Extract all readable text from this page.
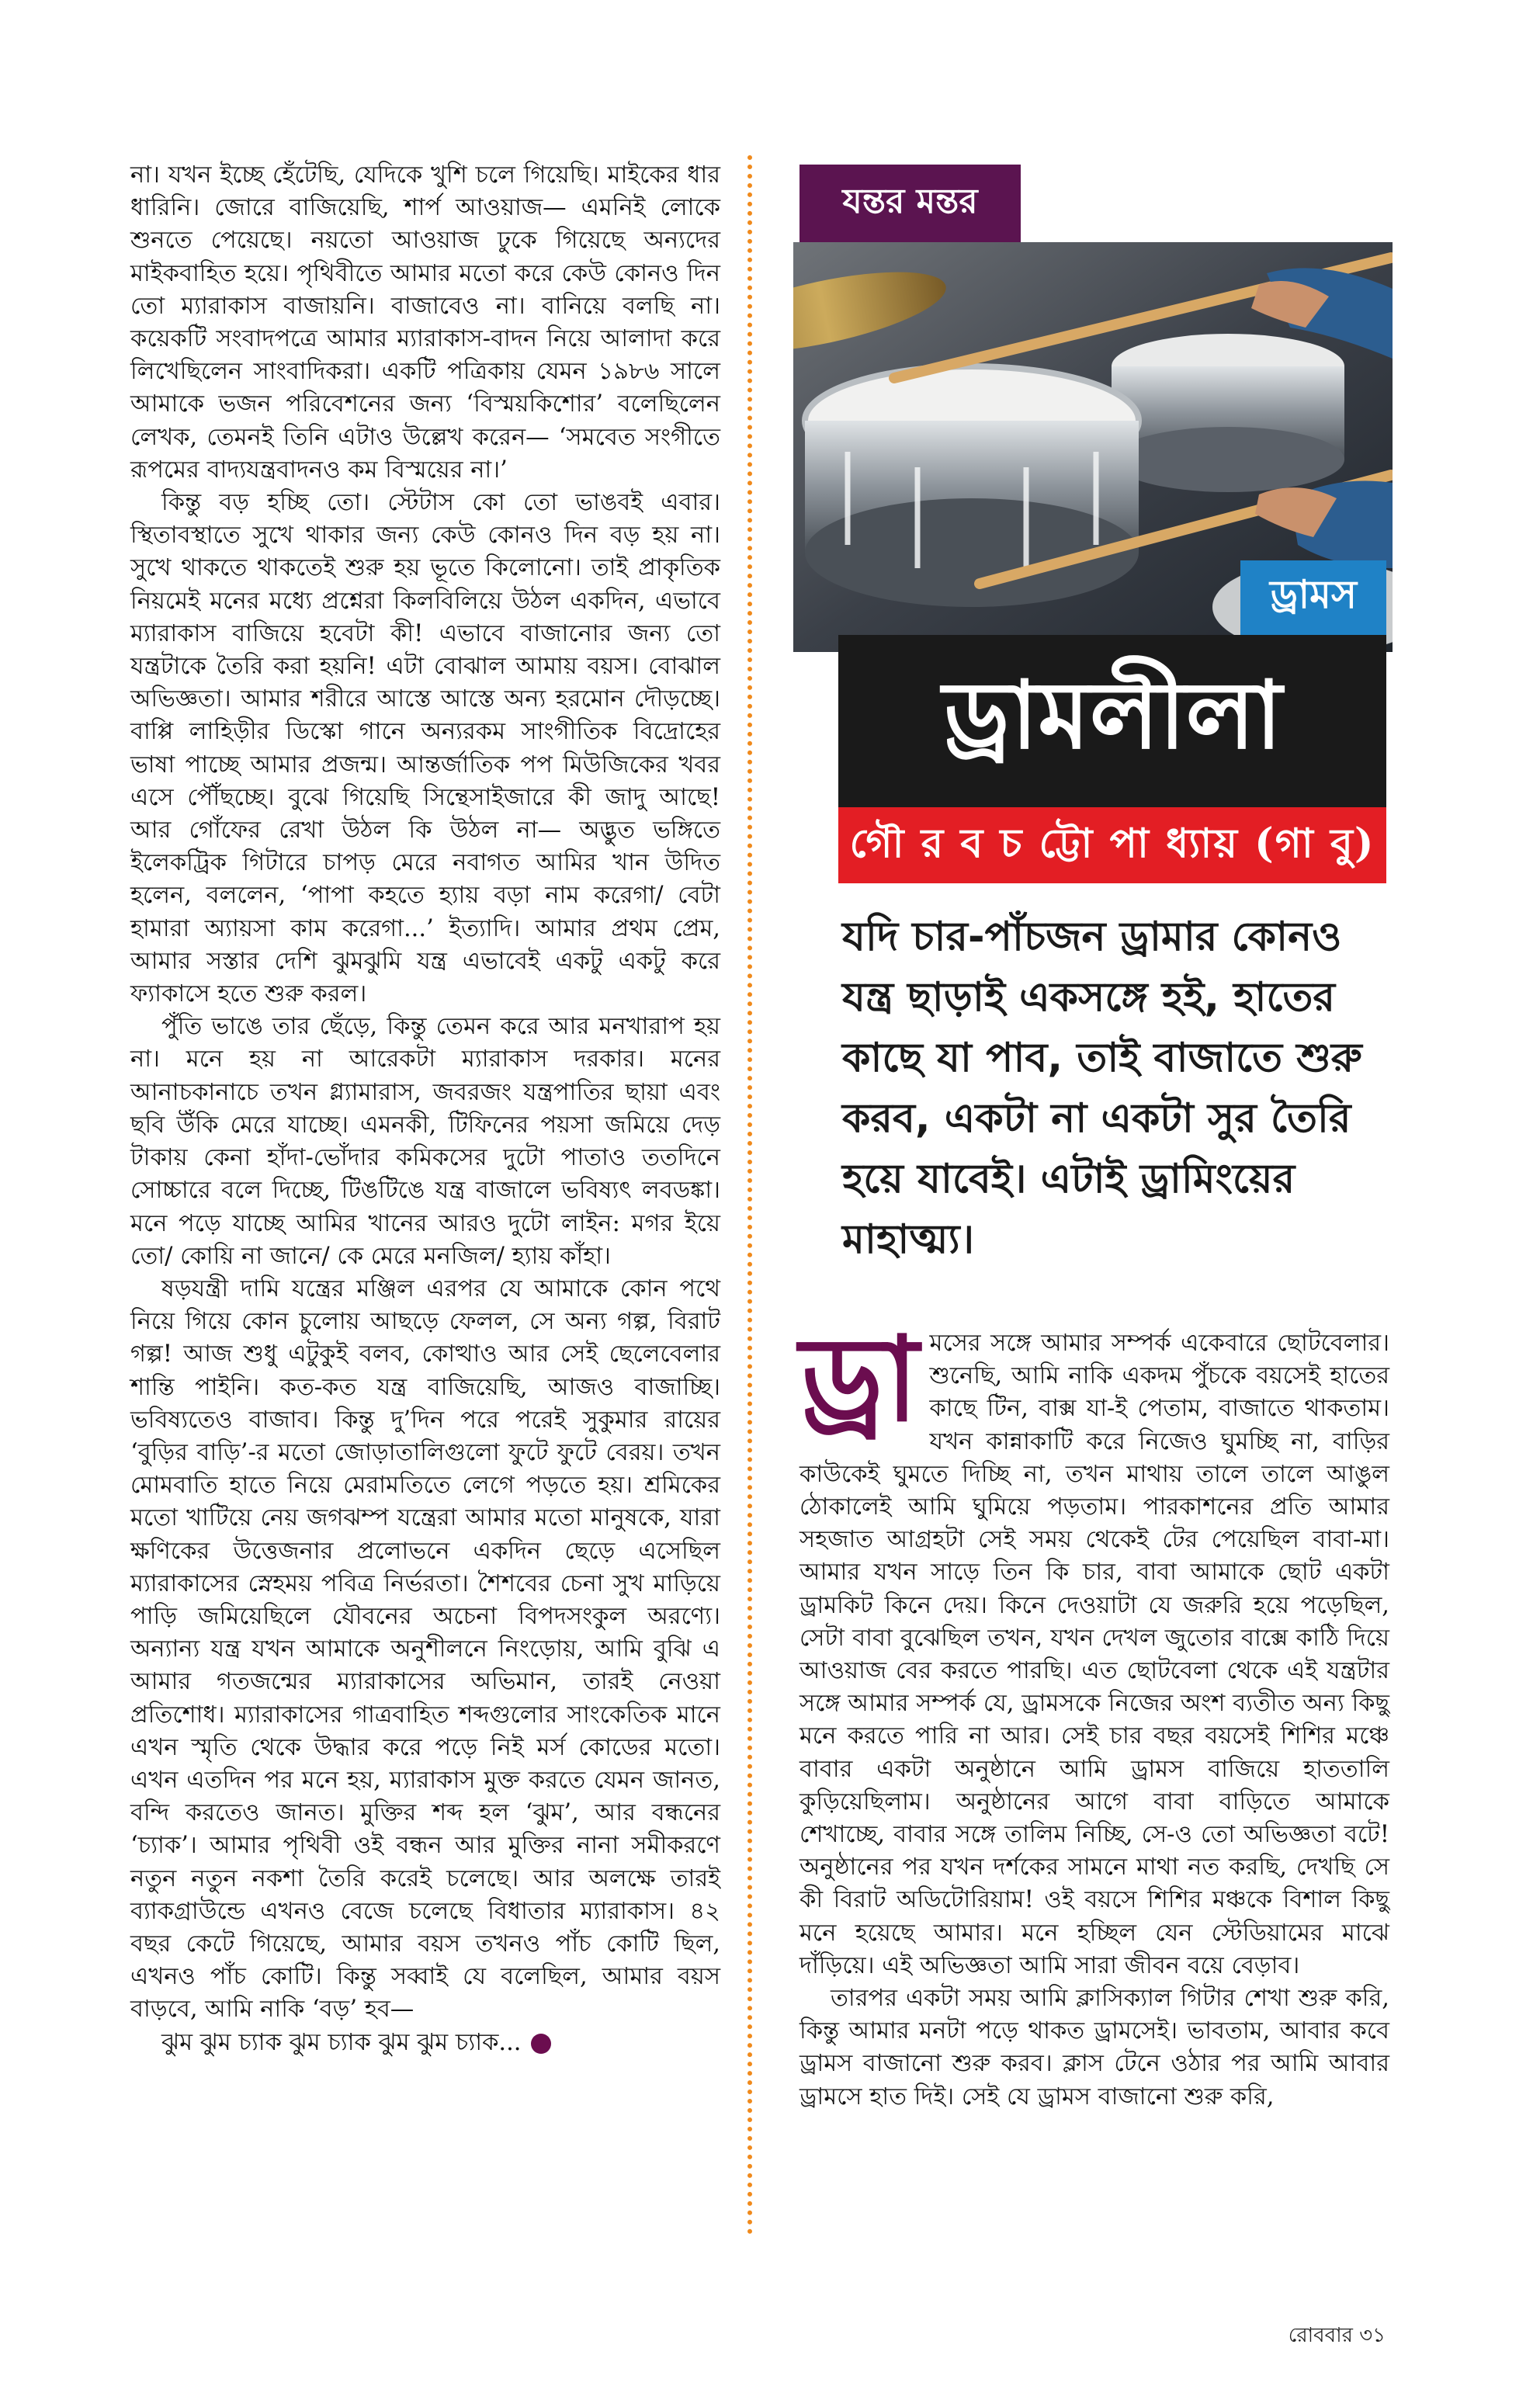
না। যখন ইচ্ছে হেঁটেছি, যেদিকে খুশি চলে গিয়েছি। মাইকের ধার ধারিনি। জোরে বাজিয়েছি, শার্প আওয়াজ— এমনিই লোকে শুনতে পেয়েছে। নয়তো আওয়াজ ঢুকে গিয়েছে অন্যদের মাইকবাহিত হয়ে। পৃথিবীতে আমার মতো করে কেউ কোনও দিন তো ম্যারাকাস বাজায়নি। বাজাবেও না। বানিয়ে বলছি না। কয়েকটি সংবাদপত্রে আমার ম্যারাকাস-বাদন নিয়ে আলাদা করে লিখেছিলেন সাংবাদিকরা। একটি পত্রিকায় যেমন ১৯৮৬ সালে আমাকে ভজন পরিবেশনের জন্য ‘বিস্ময়কিশোর’ বলেছিলেন লেখক, তেমনই তিনি এটাও উল্লেখ করেন— ‘সমবেত সংগীতে রূপমের বাদ্যযন্ত্রবাদনও কম বিস্ময়ের না।’

কিন্তু বড় হচ্ছি তো। স্টেটাস কো তো ভাঙবই এবার। স্থিতাবস্থাতে সুখে থাকার জন্য কেউ কোনও দিন বড় হয় না। সুখে থাকতে থাকতেই শুরু হয় ভূতে কিলোনো। তাই প্রাকৃতিক নিয়মেই মনের মধ্যে প্রশ্নেরা কিলবিলিয়ে উঠল একদিন, এভাবে ম্যারাকাস বাজিয়ে হবেটা কী! এভাবে বাজানোর জন্য তো যন্ত্রটাকে তৈরি করা হয়নি! এটা বোঝাল আমায় বয়স। বোঝাল অভিজ্ঞতা। আমার শরীরে আস্তে আস্তে অন্য হরমোন দৌড়চ্ছে। বাপ্পি লাহিড়ীর ডিস্কো গানে অন্যরকম সাংগীতিক বিদ্রোহের ভাষা পাচ্ছে আমার প্রজন্ম। আন্তর্জাতিক পপ মিউজিকের খবর এসে পৌঁছচ্ছে। বুঝে গিয়েছি সিন্থেসাইজারে কী জাদু আছে! আর গোঁফের রেখা উঠল কি উঠল না— অদ্ভুত ভঙ্গিতে ইলেকট্রিক গিটারে চাপড় মেরে নবাগত আমির খান উদিত হলেন, বললেন, ‘পাপা কহতে হ্যায় বড়া নাম করেগা/ বেটা হামারা অ্যায়সা কাম করেগা...’ ইত্যাদি। আমার প্রথম প্রেম, আমার সস্তার দেশি ঝুমঝুমি যন্ত্র এভাবেই একটু একটু করে ফ্যাকাসে হতে শুরু করল।

পুঁতি ভাঙে তার ছেঁড়ে, কিন্তু তেমন করে আর মনখারাপ হয় না। মনে হয় না আরেকটা ম্যারাকাস দরকার। মনের আনাচকানাচে তখন গ্ল্যামারাস, জবরজং যন্ত্রপাতির ছায়া এবং ছবি উঁকি মেরে যাচ্ছে। এমনকী, টিফিনের পয়সা জমিয়ে দেড় টাকায় কেনা হাঁদা-ভোঁদার কমিকসের দুটো পাতাও ততদিনে সোচ্চারে বলে দিচ্ছে, টিঙটিঙে যন্ত্র বাজালে ভবিষ্যৎ লবডঙ্কা। মনে পড়ে যাচ্ছে আমির খানের আরও দুটো লাইন: মগর ইয়ে তো/ কোয়ি না জানে/ কে মেরে মনজিল/ হ্যায় কাঁহা।

ষড়যন্ত্রী দামি যন্ত্রের মঞ্জিল এরপর যে আমাকে কোন পথে নিয়ে গিয়ে কোন চুলোয় আছড়ে ফেলল, সে অন্য গল্প, বিরাট গল্প! আজ শুধু এটুকুই বলব, কোত্থাও আর সেই ছেলেবেলার শান্তি পাইনি। কত-কত যন্ত্র বাজিয়েছি, আজও বাজাচ্ছি। ভবিষ্যতেও বাজাব। কিন্তু দু’দিন পরে পরেই সুকুমার রায়ের ‘বুড়ির বাড়ি’-র মতো জোড়াতালিগুলো ফুটে ফুটে বেরয়। তখন মোমবাতি হাতে নিয়ে মেরামতিতে লেগে পড়তে হয়। শ্রমিকের মতো খাটিয়ে নেয় জগঝম্প যন্ত্রেরা আমার মতো মানুষকে, যারা ক্ষণিকের উত্তেজনার প্রলোভনে একদিন ছেড়ে এসেছিল ম্যারাকাসের স্নেহময় পবিত্র নির্ভরতা। শৈশবের চেনা সুখ মাড়িয়ে পাড়ি জমিয়েছিলে যৌবনের অচেনা বিপদসংকুল অরণ্যে। অন্যান্য যন্ত্র যখন আমাকে অনুশীলনে নিংড়োয়, আমি বুঝি এ আমার গতজন্মের ম্যারাকাসের অভিমান, তারই নেওয়া প্রতিশোধ। ম্যারাকাসের গাত্রবাহিত শব্দগুলোর সাংকেতিক মানে এখন স্মৃতি থেকে উদ্ধার করে পড়ে নিই মর্স কোডের মতো। এখন এতদিন পর মনে হয়, ম্যারাকাস মুক্ত করতে যেমন জানত, বন্দি করতেও জানত। মুক্তির শব্দ হল ‘ঝুম’, আর বন্ধনের ‘চ্যাক’। আমার পৃথিবী ওই বন্ধন আর মুক্তির নানা সমীকরণে নতুন নতুন নকশা তৈরি করেই চলেছে। আর অলক্ষে তারই ব্যাকগ্রাউন্ডে এখনও বেজে চলেছে বিধাতার ম্যারাকাস। ৪২ বছর কেটে গিয়েছে, আমার বয়স তখনও পাঁচ কোটি ছিল, এখনও পাঁচ কোটি। কিন্তু সব্বাই যে বলেছিল, আমার বয়স বাড়বে, আমি নাকি ‘বড়’ হব—

ঝুম ঝুম চ্যাক ঝুম চ্যাক ঝুম ঝুম চ্যাক...

যন্তর মন্তর
ড্রামস
ড্রামলীলা
গৌ র ব চ ট্টো পা ধ্যায় (গা বু)
যদি চার-পাঁচজন ড্রামার কোনও যন্ত্র ছাড়াই একসঙ্গে হই, হাতের কাছে যা পাব, তাই বাজাতে শুরু করব, একটা না একটা সুর তৈরি হয়ে যাবেই। এটাই ড্রামিংয়ের মাহাত্ম্য।

ড্রা মসের সঙ্গে আমার সম্পর্ক একেবারে ছোটবেলার। শুনেছি, আমি নাকি একদম পুঁচকে বয়সেই হাতের কাছে টিন, বাক্স যা-ই পেতাম, বাজাতে থাকতাম। যখন কান্নাকাটি করে নিজেও ঘুমচ্ছি না, বাড়ির কাউকেই ঘুমতে দিচ্ছি না, তখন মাথায় তালে তালে আঙুল ঠোকালেই আমি ঘুমিয়ে পড়তাম। পারকাশনের প্রতি আমার সহজাত আগ্রহটা সেই সময় থেকেই টের পেয়েছিল বাবা-মা। আমার যখন সাড়ে তিন কি চার, বাবা আমাকে ছোট একটা ড্রামকিট কিনে দেয়। কিনে দেওয়াটা যে জরুরি হয়ে পড়েছিল, সেটা বাবা বুঝেছিল তখন, যখন দেখল জুতোর বাক্সে কাঠি দিয়ে আওয়াজ বের করতে পারছি। এত ছোটবেলা থেকে এই যন্ত্রটার সঙ্গে আমার সম্পর্ক যে, ড্রামসকে নিজের অংশ ব্যতীত অন্য কিছু মনে করতে পারি না আর। সেই চার বছর বয়সেই শিশির মঞ্চে বাবার একটা অনুষ্ঠানে আমি ড্রামস বাজিয়ে হাততালি কুড়িয়েছিলাম। অনুষ্ঠানের আগে বাবা বাড়িতে আমাকে শেখাচ্ছে, বাবার সঙ্গে তালিম নিচ্ছি, সে-ও তো অভিজ্ঞতা বটে! অনুষ্ঠানের পর যখন দর্শকের সামনে মাথা নত করছি, দেখছি সে কী বিরাট অডিটোরিয়াম! ওই বয়সে শিশির মঞ্চকে বিশাল কিছু মনে হয়েছে আমার। মনে হচ্ছিল যেন স্টেডিয়ামের মাঝে দাঁড়িয়ে। এই অভিজ্ঞতা আমি সারা জীবন বয়ে বেড়াব।

তারপর একটা সময় আমি ক্লাসিক্যাল গিটার শেখা শুরু করি, কিন্তু আমার মনটা পড়ে থাকত ড্রামসেই। ভাবতাম, আবার কবে ড্রামস বাজানো শুরু করব। ক্লাস টেনে ওঠার পর আমি আবার ড্রামসে হাত দিই। সেই যে ড্রামস বাজানো শুরু করি,

রোববার ৩১
